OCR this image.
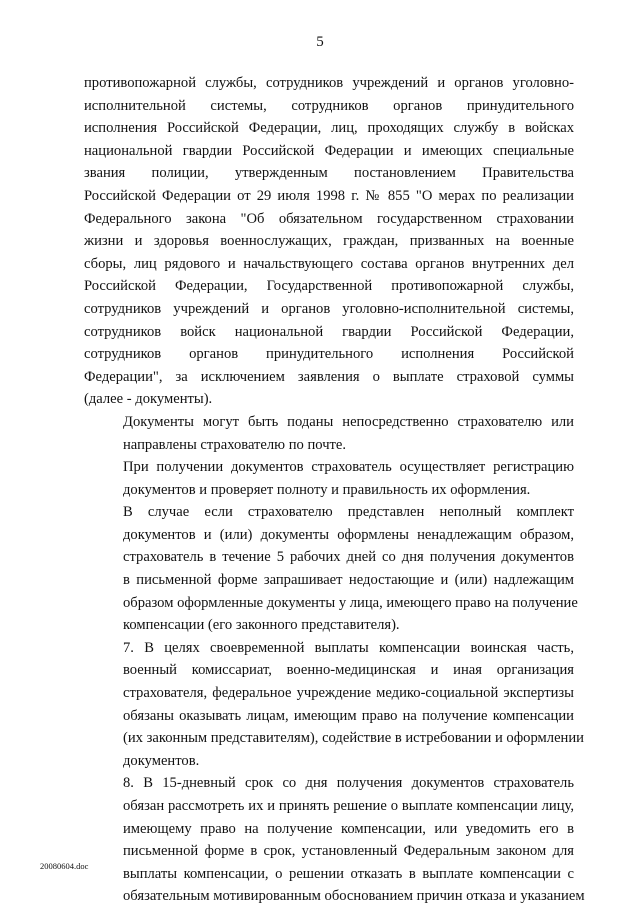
5

противопожарной службы, сотрудников учреждений и органов уголовно-
исполнительной системы, сотрудников органов принудительного
исполнения Российской Федерации, лиц, проходящих службу в войсках
национальной гвардии Российской Федерации и имеющих специальные
звания полиции, утвержденным постановлением Правительства
Российской Федерации от 29 июля 1998 г. № 855 "О мерах по реализации
Федерального закона "Об обязательном государственном страховании
жизни и здоровья военнослужащих, граждан, призванных на военные
сборы, лиц рядового и начальствующего состава органов внутренних дел
Российской Федерации, Государственной противопожарной службы,
сотрудников учреждений и органов уголовно-исполнительной системы,
сотрудников войск национальной гвардии Российской Федерации,
сотрудников органов принудительного исполнения Российской
Федерации", за исключением заявления о выплате страховой суммы
(далее - документы).

Документы могут быть поданы непосредственно страхователю или
направлены страхователю по почте.

При получении документов страхователь осуществляет регистрацию
документов и проверяет полноту и правильность их оформления.

В случае если страхователю представлен неполный комплект
документов и (или) документы оформлены ненадлежащим образом,
страхователь в течение 5 рабочих дней со дня получения документов
в письменной форме запрашивает недостающие и (или) надлежащим
образом оформленные документы у лица, имеющего право на получение
компенсации (его законного представителя).

7. В целях своевременной выплаты компенсации воинская часть,
военный комиссариат, военно-медицинская и иная организация
страхователя, федеральное учреждение медико-социальной экспертизы
обязаны оказывать лицам, имеющим право на получение компенсации
(их законным представителям), содействие в истребовании и оформлении
документов.

8. В 15-дневный срок со дня получения документов страхователь
обязан рассмотреть их и принять решение о выплате компенсации лицу,
имеющему право на получение компенсации, или уведомить его в
письменной форме в срок, установленный Федеральным законом для
выплаты компенсации, о решении отказать в выплате компенсации с
обязательным мотивированным обоснованием причин отказа и указанием

20080604.doc
